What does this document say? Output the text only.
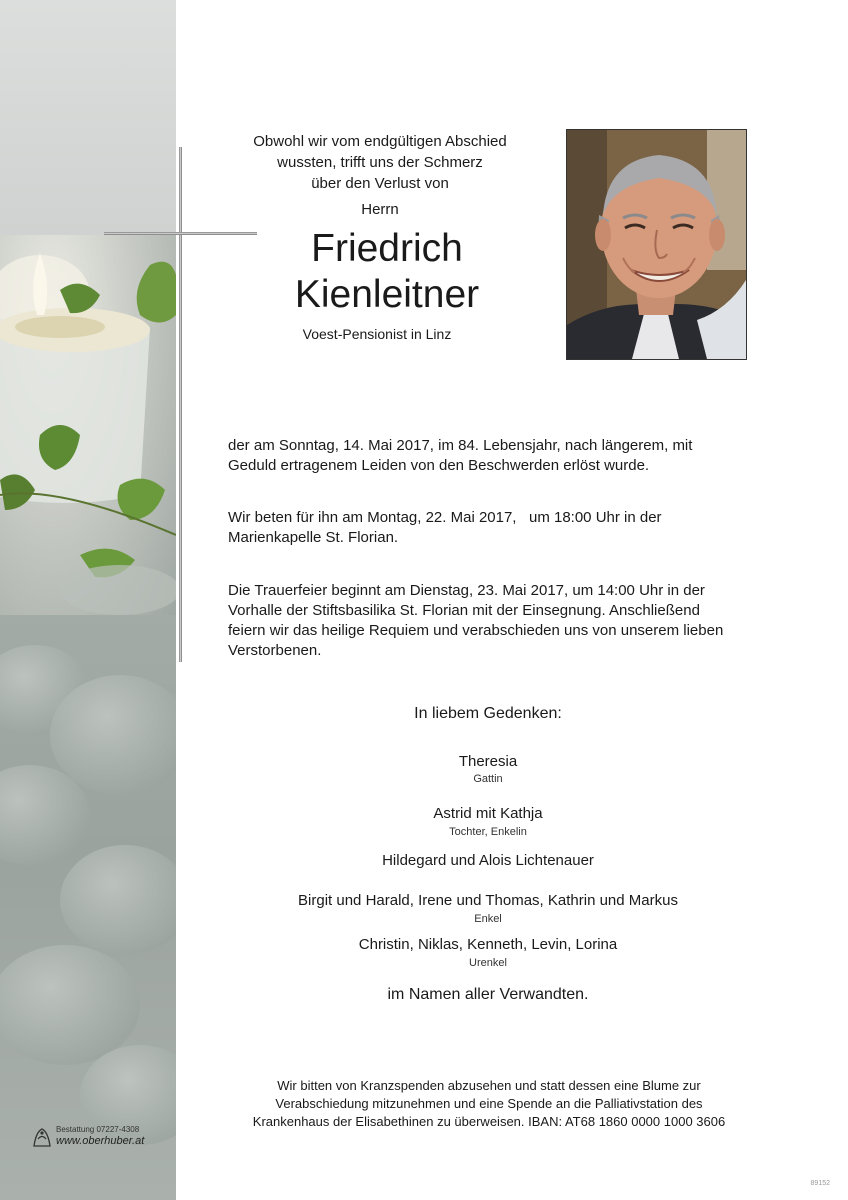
Bestattung 07227-4308
www.oberhuber.at
Obwohl wir vom endgültigen Abschied
wussten, trifft uns der Schmerz
über den Verlust von
Herrn
Friedrich
Kienleitner
Voest-Pensionist in Linz
der am Sonntag, 14. Mai 2017, im 84. Lebensjahr, nach längerem, mit
Geduld ertragenem Leiden von den Beschwerden erlöst wurde.
Wir beten für ihn am Montag, 22. Mai 2017,   um 18:00 Uhr in der
Marienkapelle St. Florian.
Die Trauerfeier beginnt am Dienstag, 23. Mai 2017, um 14:00 Uhr in der
Vorhalle der Stiftsbasilika St. Florian mit der Einsegnung. Anschließend
feiern wir das heilige Requiem und verabschieden uns von unserem lieben
Verstorbenen.
In liebem Gedenken:
Theresia
Gattin
Astrid mit Kathja
Tochter, Enkelin
Hildegard und Alois Lichtenauer
Birgit und Harald, Irene und Thomas, Kathrin und Markus
Enkel
Christin, Niklas, Kenneth, Levin, Lorina
Urenkel
im Namen aller Verwandten.
Wir bitten von Kranzspenden abzusehen und statt dessen eine Blume zur
Verabschiedung mitzunehmen und eine Spende an die Palliativstation des
Krankenhaus der Elisabethinen zu überweisen. IBAN: AT68 1860 0000 1000 3606
89152
